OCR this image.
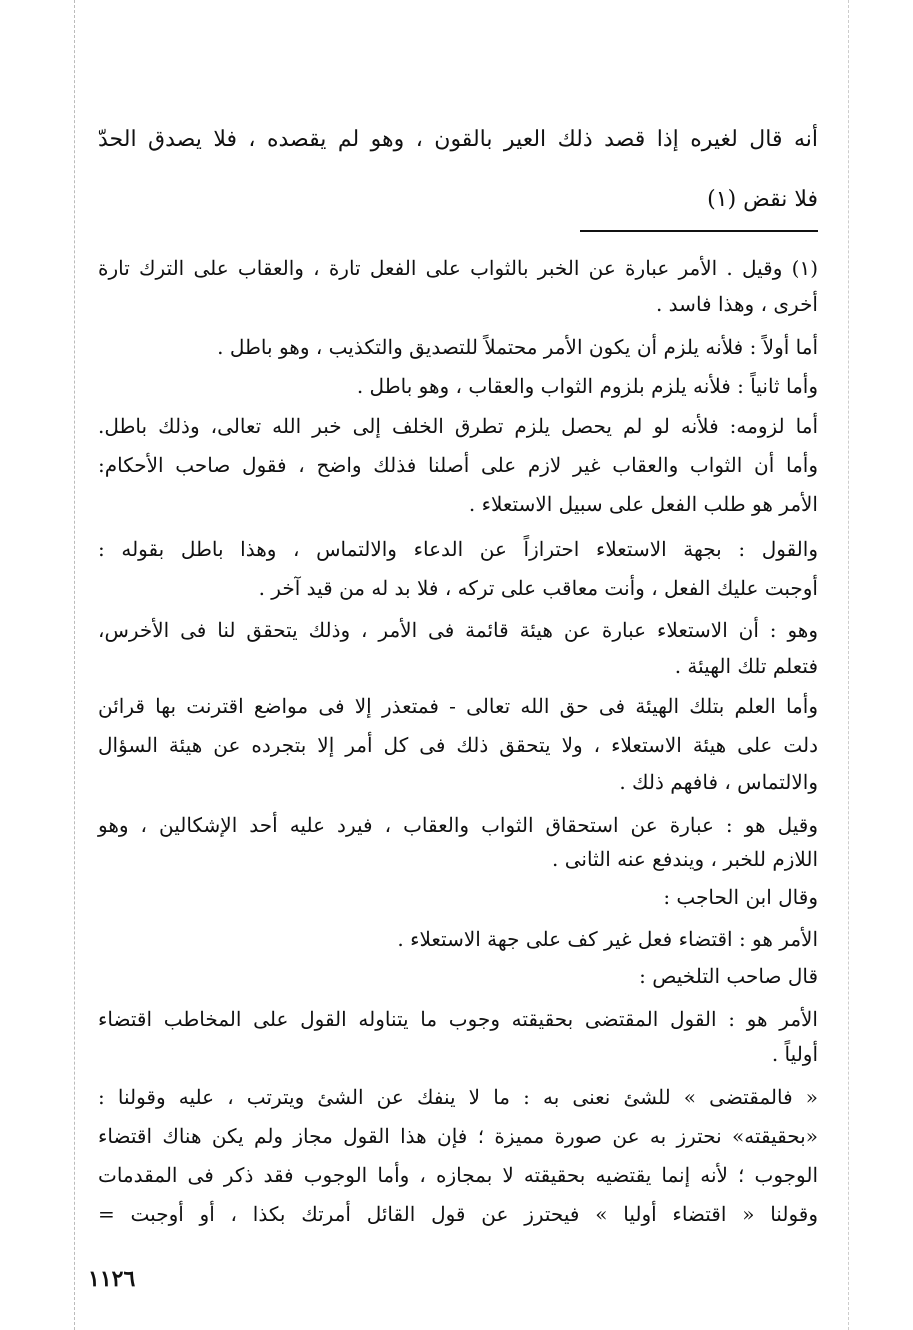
أنه قال لغيره إذا قصد ذلك العير بالقون ، وهو لم يقصده ، فلا يصدق الحدّ
فلا نقض (١)
(١) وقيل . الأمر عبارة عن الخبر بالثواب على الفعل تارة ، والعقاب على الترك تارة
أخرى ، وهذا فاسد .
أما أولاً : فلأنه يلزم أن يكون الأمر محتملاً للتصديق والتكذيب ، وهو باطل .
وأما ثانياً : فلأنه يلزم بلزوم الثواب والعقاب ، وهو باطل .
أما لزومه: فلأنه لو لم يحصل يلزم تطرق الخلف إلى خبر الله تعالى، وذلك باطل.
وأما أن الثواب والعقاب غير لازم على أصلنا فذلك واضح ، فقول صاحب الأحكام:
الأمر هو طلب الفعل على سبيل الاستعلاء .
والقول : بجهة الاستعلاء احترازاً عن الدعاء والالتماس ، وهذا باطل بقوله :
أوجبت عليك الفعل ، وأنت معاقب على تركه ، فلا بد له من قيد آخر .
وهو : أن الاستعلاء عبارة عن هيئة قائمة فى الأمر ، وذلك يتحقق لنا فى الأخرس،
فتعلم تلك الهيئة .
وأما العلم بتلك الهيئة فى حق الله تعالى - فمتعذر إلا فى مواضع اقترنت بها قرائن
دلت على هيئة الاستعلاء ، ولا يتحقق ذلك فى كل أمر إلا بتجرده عن هيئة السؤال
والالتماس ، فافهم ذلك .
وقيل هو : عبارة عن استحقاق الثواب والعقاب ، فيرد عليه أحد الإشكالين ، وهو
اللازم للخبر ، ويندفع عنه الثانى .
وقال ابن الحاجب :
الأمر هو : اقتضاء فعل غير كف على جهة الاستعلاء .
قال صاحب التلخيص :
الأمر هو : القول المقتضى بحقيقته وجوب ما يتناوله القول على المخاطب اقتضاء
أولياً .
« فالمقتضى » للشئ نعنى به : ما لا ينفك عن الشئ ويترتب ، عليه وقولنا :
«بحقيقته» نحترز به عن صورة مميزة ؛ فإن هذا القول مجاز ولم يكن هناك اقتضاء
الوجوب ؛ لأنه إنما يقتضيه بحقيقته لا بمجازه ، وأما الوجوب فقد ذكر فى المقدمات
وقولنا « اقتضاء أوليا » فيحترز عن قول القائل أمرتك بكذا ، أو أوجبت =
١١٢٦
